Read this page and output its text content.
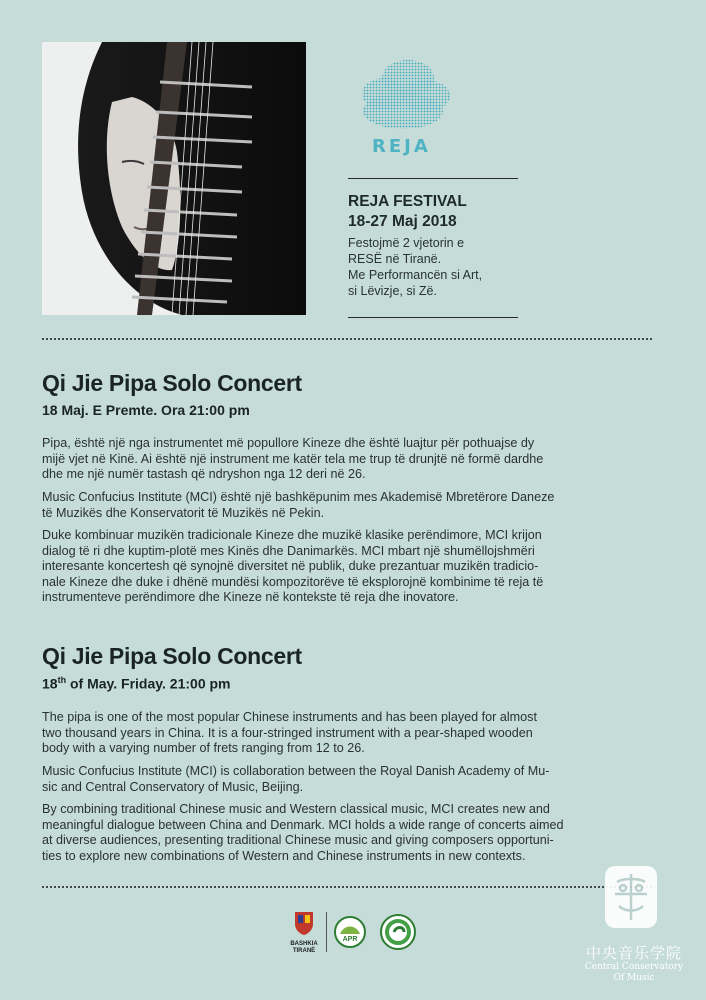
REJA
REJA FESTIVAL
18-27 Maj 2018
Festojmë 2 vjetorin e
RESË në Tiranë.
Me Performancën si Art,
si Lëvizje, si Zë.
Qi Jie Pipa Solo Concert
18 Maj. E Premte. Ora 21:00 pm
Pipa, është një nga instrumentet më popullore Kineze dhe është luajtur për pothuajse dy
mijë vjet në Kinë. Ai është një instrument me katër tela me trup të drunjtë në formë dardhe
dhe me një numër tastash që ndryshon nga 12 deri në 26.
Music Confucius Institute (MCI) është një bashkëpunim mes Akademisë Mbretërore Daneze
të Muzikës dhe Konservatorit të Muzikës në Pekin.
Duke kombinuar muzikën tradicionale Kineze dhe muzikë klasike perëndimore, MCI krijon
dialog të ri dhe kuptim-plotë mes Kinës dhe Danimarkës. MCI mbart një shumëllojshmëri
interesante koncertesh që synojnë diversitet në publik, duke prezantuar muzikën tradicio-
nale Kineze dhe duke i dhënë mundësi kompozitorëve të eksplorojnë kombinime të reja të
instrumenteve perëndimore dhe Kineze në kontekste të reja dhe inovatore.
Qi Jie Pipa Solo Concert
18th of May. Friday. 21:00 pm
The pipa is one of the most popular Chinese instruments and has been played for almost
two thousand years in China. It is a four-stringed instrument with a pear-shaped wooden
body with a varying number of frets ranging from 12 to 26.
Music Confucius Institute (MCI) is collaboration between the Royal Danish Academy of Mu-
sic and Central Conservatory of Music, Beijing.
By combining traditional Chinese music and Western classical music, MCI creates new and
meaningful dialogue between China and Denmark. MCI holds a wide range of concerts aimed
at diverse audiences, presenting traditional Chinese music and giving composers opportuni-
ties to explore new combinations of Western and Chinese instruments in new contexts.
BASHKIA
TIRANË
APR
中央音乐学院
Central Conservatory
Of Music
